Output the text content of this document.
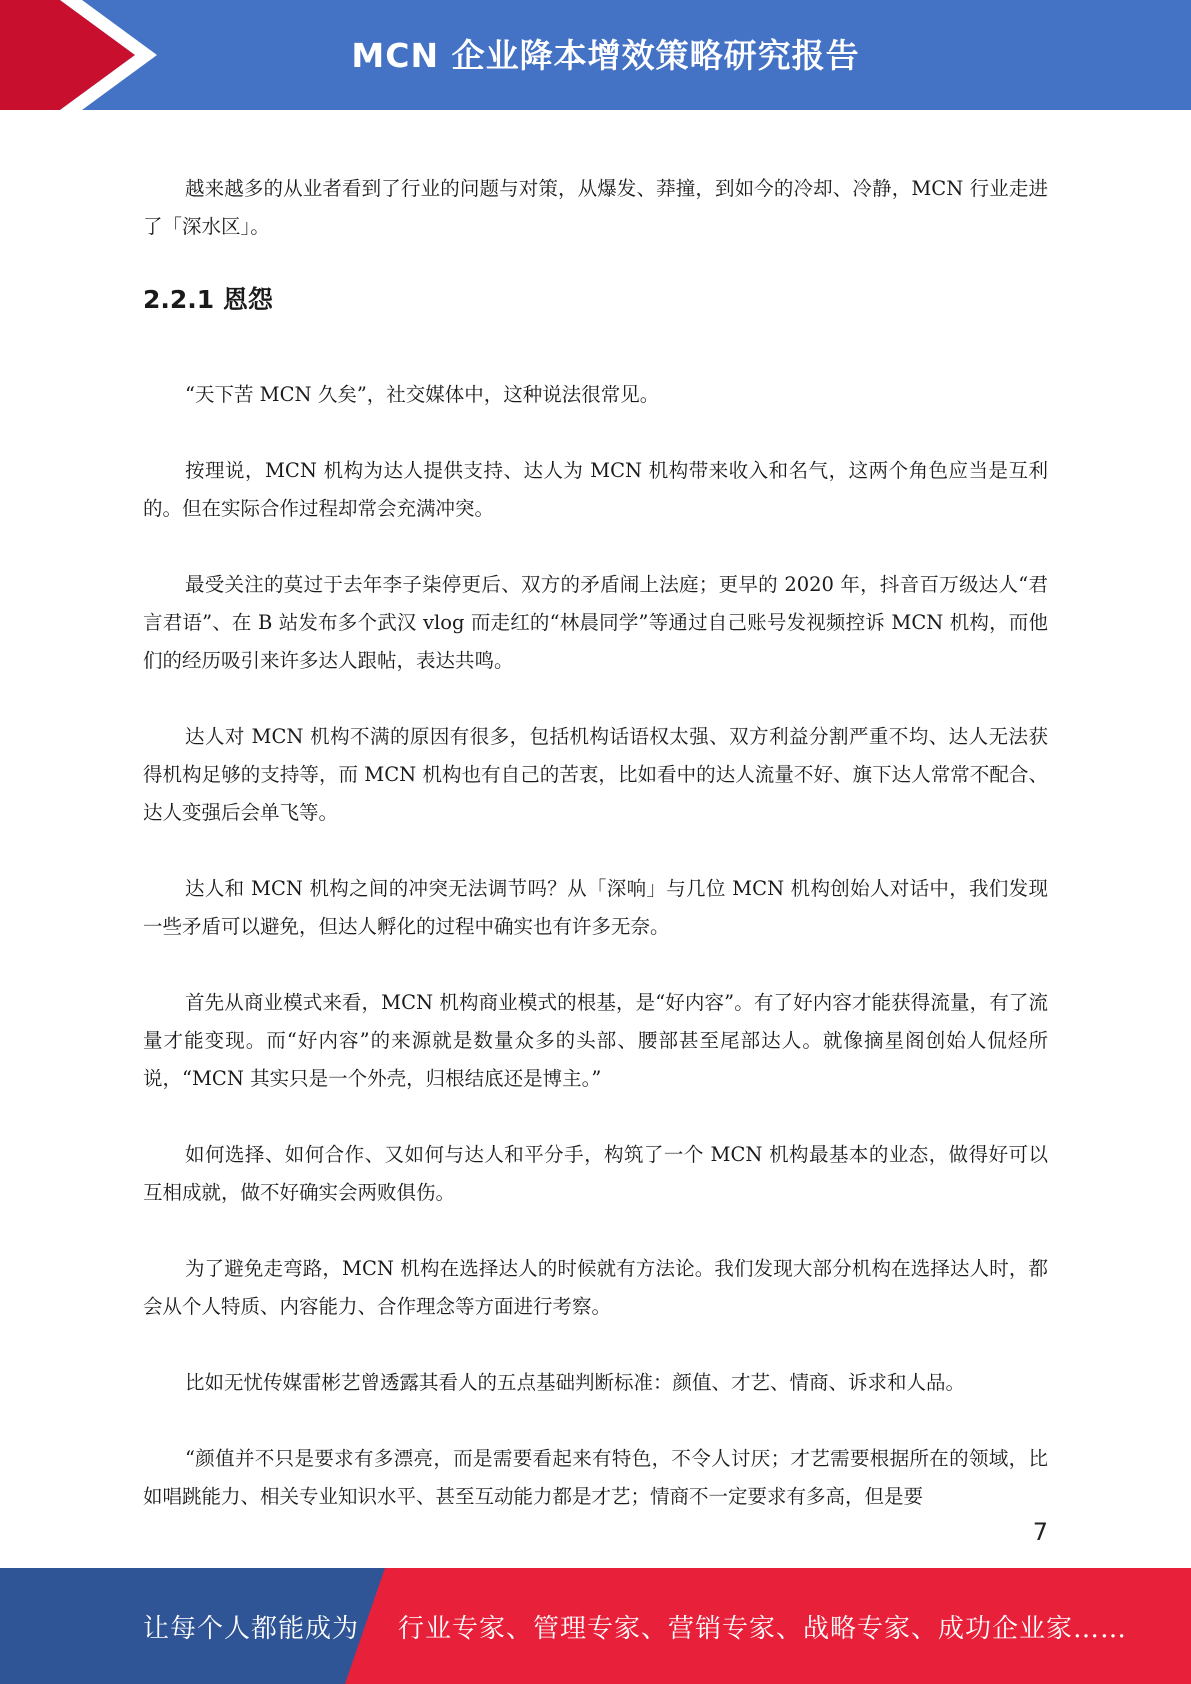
MCN 企业降本增效策略研究报告

越来越多的从业者看到了行业的问题与对策，从爆发、莽撞，到如今的冷却、冷静，MCN 行业走进了「深水区」。

2.2.1 恩怨

“天下苦 MCN 久矣”，社交媒体中，这种说法很常见。

按理说，MCN 机构为达人提供支持、达人为 MCN 机构带来收入和名气，这两个角色应当是互利的。但在实际合作过程却常会充满冲突。

最受关注的莫过于去年李子柒停更后、双方的矛盾闹上法庭；更早的 2020 年，抖音百万级达人“君言君语”、在 B 站发布多个武汉 vlog 而走红的“林晨同学”等通过自己账号发视频控诉 MCN 机构，而他们的经历吸引来许多达人跟帖，表达共鸣。

达人对 MCN 机构不满的原因有很多，包括机构话语权太强、双方利益分割严重不均、达人无法获得机构足够的支持等，而 MCN 机构也有自己的苦衷，比如看中的达人流量不好、旗下达人常常不配合、达人变强后会单飞等。

达人和 MCN 机构之间的冲突无法调节吗？从「深响」与几位 MCN 机构创始人对话中，我们发现一些矛盾可以避免，但达人孵化的过程中确实也有许多无奈。

首先从商业模式来看，MCN 机构商业模式的根基，是“好内容”。有了好内容才能获得流量，有了流量才能变现。而“好内容”的来源就是数量众多的头部、腰部甚至尾部达人。就像摘星阁创始人侃烃所说，“MCN 其实只是一个外壳，归根结底还是博主。”

如何选择、如何合作、又如何与达人和平分手，构筑了一个 MCN 机构最基本的业态，做得好可以互相成就，做不好确实会两败俱伤。

为了避免走弯路，MCN 机构在选择达人的时候就有方法论。我们发现大部分机构在选择达人时，都会从个人特质、内容能力、合作理念等方面进行考察。

比如无忧传媒雷彬艺曾透露其看人的五点基础判断标准：颜值、才艺、情商、诉求和人品。

“颜值并不只是要求有多漂亮，而是需要看起来有特色，不令人讨厌；才艺需要根据所在的领域，比如唱跳能力、相关专业知识水平、甚至互动能力都是才艺；情商不一定要求有多高，但是要

7
让每个人都能成为 行业专家、管理专家、营销专家、战略专家、成功企业家……
